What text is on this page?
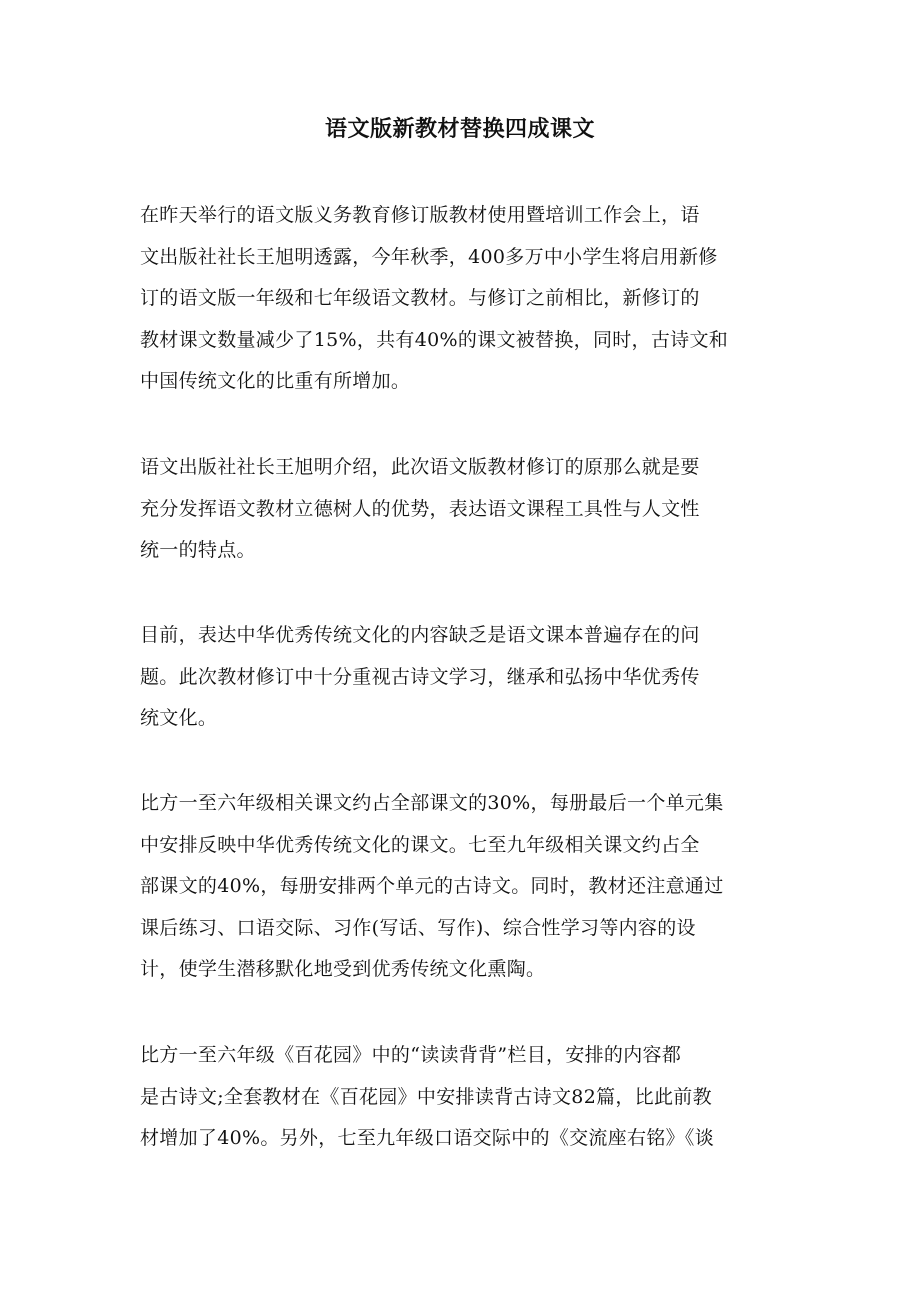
语文版新教材替换四成课文
在昨天举行的语文版义务教育修订版教材使用暨培训工作会上，语
文出版社社长王旭明透露，今年秋季，400多万中小学生将启用新修
订的语文版一年级和七年级语文教材。与修订之前相比，新修订的
教材课文数量减少了15%，共有40%的课文被替换，同时，古诗文和
中国传统文化的比重有所增加。
语文出版社社长王旭明介绍，此次语文版教材修订的原那么就是要
充分发挥语文教材立德树人的优势，表达语文课程工具性与人文性
统一的特点。
目前，表达中华优秀传统文化的内容缺乏是语文课本普遍存在的问
题。此次教材修订中十分重视古诗文学习，继承和弘扬中华优秀传
统文化。
比方一至六年级相关课文约占全部课文的30%，每册最后一个单元集
中安排反映中华优秀传统文化的课文。七至九年级相关课文约占全
部课文的40%，每册安排两个单元的古诗文。同时，教材还注意通过
课后练习、口语交际、习作(写话、写作)、综合性学习等内容的设
计，使学生潜移默化地受到优秀传统文化熏陶。
比方一至六年级《百花园》中的“读读背背”栏目，安排的内容都
是古诗文;全套教材在《百花园》中安排读背古诗文82篇，比此前教
材增加了40%。另外，七至九年级口语交际中的《交流座右铭》《谈
